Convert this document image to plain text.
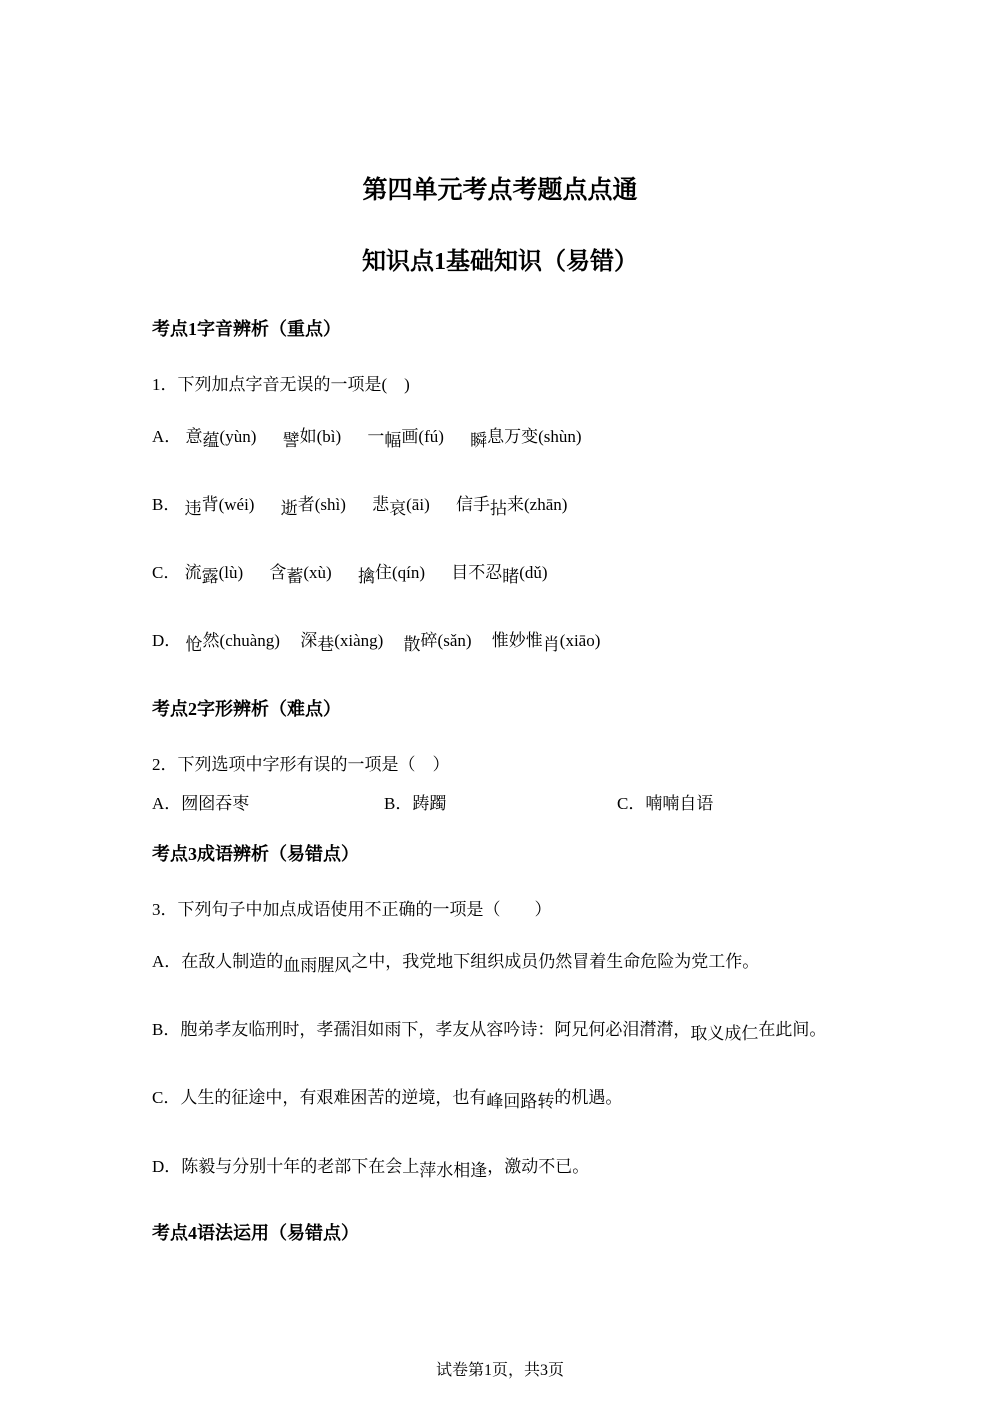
第四单元考点考题点点通
知识点1基础知识（易错）
考点1字音辨析（重点）
1．下列加点字音无误的一项是(　)
A． 意蕴(yùn) 譬如(bì) 一幅画(fú) 瞬息万变(shùn)
B． 违背(wéi) 逝者(shì) 悲哀(āi) 信手拈来(zhān)
C． 流露(lù) 含蓄(xù) 擒住(qín) 目不忍睹(dǔ)
D． 怆然(chuàng) 深巷(xiàng) 散碎(sǎn) 惟妙惟肖(xiāo)
考点2字形辨析（难点）
2．下列选项中字形有误的一项是（　）
A．囫囵吞枣	B．踌躅	C．喃喃自语
考点3成语辨析（易错点）
3．下列句子中加点成语使用不正确的一项是（　　）
A．在敌人制造的血雨腥风之中，我党地下组织成员仍然冒着生命危险为党工作。
B．胞弟孝友临刑时，孝孺泪如雨下，孝友从容吟诗：阿兄何必泪潸潸，取义成仁在此间。
C．人生的征途中，有艰难困苦的逆境，也有峰回路转的机遇。
D．陈毅与分别十年的老部下在会上萍水相逢，激动不已。
考点4语法运用（易错点）
试卷第1页，共3页
